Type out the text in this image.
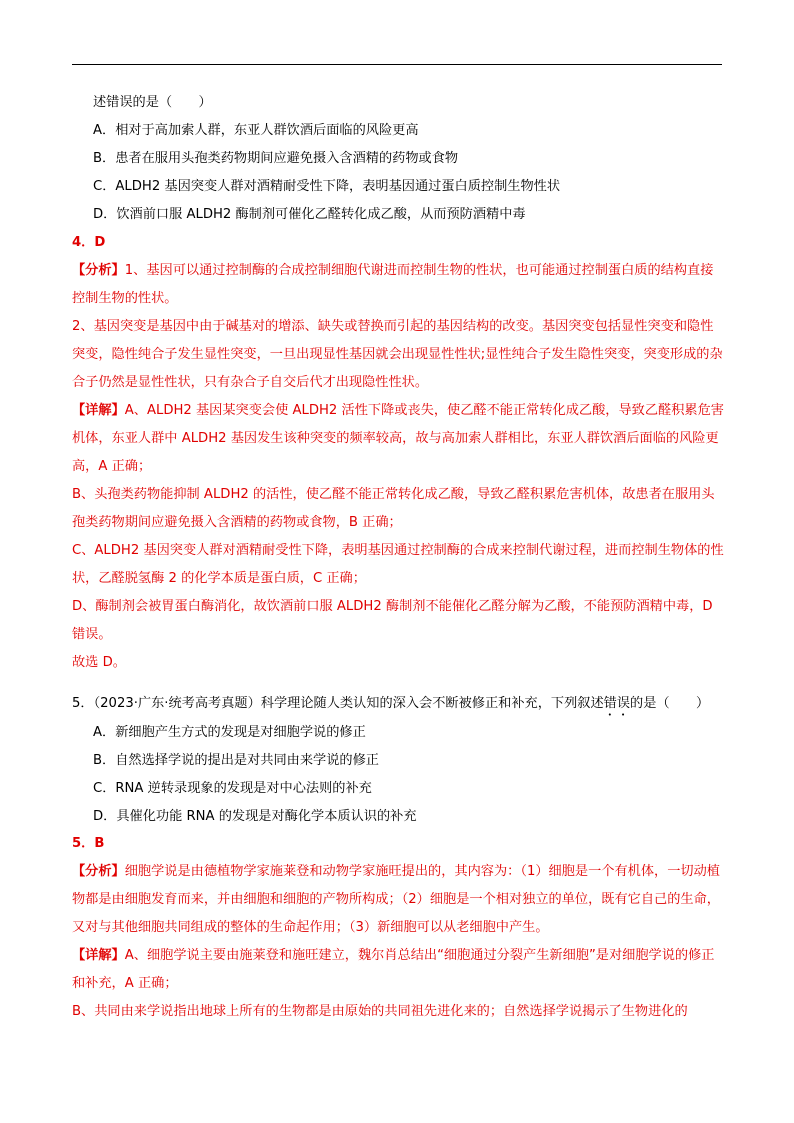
述错误的是（　　）

A．相对于高加索人群，东亚人群饮酒后面临的风险更高

B．患者在服用头孢类药物期间应避免摄入含酒精的药物或食物

C．ALDH2 基因突变人群对酒精耐受性下降，表明基因通过蛋白质控制生物性状

D．饮酒前口服 ALDH2 酶制剂可催化乙醛转化成乙酸，从而预防酒精中毒

4．D

【分析】1、基因可以通过控制酶的合成控制细胞代谢进而控制生物的性状，也可能通过控制蛋白质的结构直接控制生物的性状。

2、基因突变是基因中由于碱基对的增添、缺失或替换而引起的基因结构的改变。基因突变包括显性突变和隐性突变，隐性纯合子发生显性突变，一旦出现显性基因就会出现显性性状;显性纯合子发生隐性突变，突变形成的杂合子仍然是显性性状，只有杂合子自交后代才出现隐性性状。

【详解】A、ALDH2 基因某突变会使 ALDH2 活性下降或丧失，使乙醛不能正常转化成乙酸，导致乙醛积累危害机体，东亚人群中 ALDH2 基因发生该种突变的频率较高，故与高加索人群相比，东亚人群饮酒后面临的风险更高，A 正确；

B、头孢类药物能抑制 ALDH2 的活性，使乙醛不能正常转化成乙酸，导致乙醛积累危害机体，故患者在服用头孢类药物期间应避免摄入含酒精的药物或食物，B 正确；

C、ALDH2 基因突变人群对酒精耐受性下降，表明基因通过控制酶的合成来控制代谢过程，进而控制生物体的性状，乙醛脱氢酶 2 的化学本质是蛋白质，C 正确；

D、酶制剂会被胃蛋白酶消化，故饮酒前口服 ALDH2 酶制剂不能催化乙醛分解为乙酸，不能预防酒精中毒，D 错误。

故选 D。

5．（2023·广东·统考高考真题）科学理论随人类认知的深入会不断被修正和补充，下列叙述错误的是（　　）

A．新细胞产生方式的发现是对细胞学说的修正

B．自然选择学说的提出是对共同由来学说的修正

C．RNA 逆转录现象的发现是对中心法则的补充

D．具催化功能 RNA 的发现是对酶化学本质认识的补充

5．B

【分析】细胞学说是由德植物学家施莱登和动物学家施旺提出的，其内容为：（1）细胞是一个有机体，一切动植物都是由细胞发育而来，并由细胞和细胞的产物所构成；（2）细胞是一个相对独立的单位，既有它自己的生命，又对与其他细胞共同组成的整体的生命起作用；（3）新细胞可以从老细胞中产生。

【详解】A、细胞学说主要由施莱登和施旺建立，魏尔肖总结出“细胞通过分裂产生新细胞”是对细胞学说的修正和补充，A 正确；

B、共同由来学说指出地球上所有的生物都是由原始的共同祖先进化来的；自然选择学说揭示了生物进化的
